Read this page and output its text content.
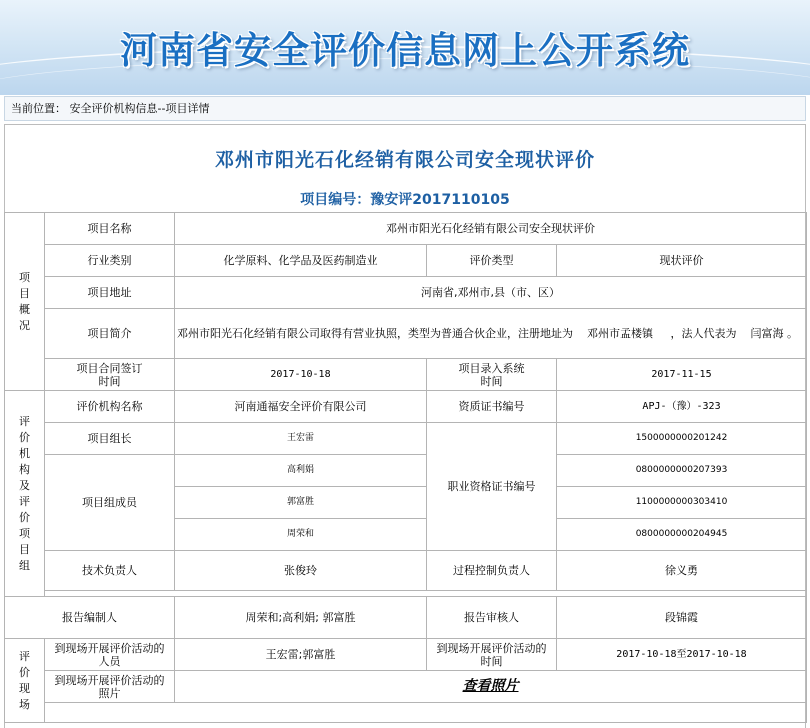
河南省安全评价信息网上公开系统
当前位置： 安全评价机构信息--项目详情
邓州市阳光石化经销有限公司安全现状评价
项目编号：豫安评2017110105
项目概况	项目名称	邓州市阳光石化经销有限公司安全现状评价		
	行业类别	化学原料、化学品及医药制造业	评价类型	现状评价
	项目地址	河南省,邓州市,县（市、区）		
	项目简介	邓州市阳光石化经销有限公司取得有营业执照，类型为普通合伙企业，注册地址为    邓州市孟楼镇     ，法人代表为    闫富海 。		
	项目合同签订时间	2017-10-18	项目录入系统时间	2017-11-15
评价机构及评价项目组	评价机构名称	河南通福安全评价有限公司	资质证书编号	APJ-（豫）-323
	项目组长	王宏雷	职业资格证书编号	1500000000201242
	项目组成员	高利娟		0800000000207393
		郭富胜		1100000000303410
		周荣和		0800000000204945
	技术负责人	张俊玲	过程控制负责人	徐义勇

报告编制人		周荣和;高利娟; 郭富胜	报告审核人	段锦霞
评价现场	到现场开展评价活动的人员	王宏雷;郭富胜	到现场开展评价活动的时间	2017-10-18至2017-10-18
	到现场开展评价活动的照片	查看照片		
